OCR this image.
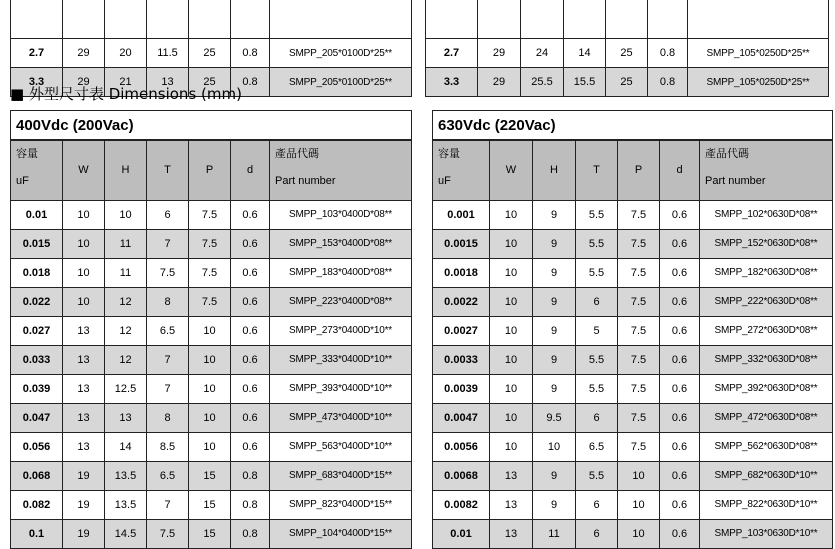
2.7	29	20	11.5	25	0.8	SMPP_205*0100D*25**
3.3	29	21	13	25	0.8	SMPP_205*0100D*25**

2.7	29	24	14	25	0.8	SMPP_105*0250D*25**
3.3	29	25.5	15.5	25	0.8	SMPP_105*0250D*25**
■ 外型尺寸表 Dimensions (mm)
400Vdc (200Vac)						
容量
uF	W	H	T	P	d	產品代碼
Part number
0.01	10	10	6	7.5	0.6	SMPP_103*0400D*08**
0.015	10	11	7	7.5	0.6	SMPP_153*0400D*08**
0.018	10	11	7.5	7.5	0.6	SMPP_183*0400D*08**
0.022	10	12	8	7.5	0.6	SMPP_223*0400D*08**
0.027	13	12	6.5	10	0.6	SMPP_273*0400D*10**
0.033	13	12	7	10	0.6	SMPP_333*0400D*10**
0.039	13	12.5	7	10	0.6	SMPP_393*0400D*10**
0.047	13	13	8	10	0.6	SMPP_473*0400D*10**
0.056	13	14	8.5	10	0.6	SMPP_563*0400D*10**
0.068	19	13.5	6.5	15	0.8	SMPP_683*0400D*15**
0.082	19	13.5	7	15	0.8	SMPP_823*0400D*15**
0.1	19	14.5	7.5	15	0.8	SMPP_104*0400D*15**
630Vdc (220Vac)						
容量
uF	W	H	T	P	d	產品代碼
Part number
0.001	10	9	5.5	7.5	0.6	SMPP_102*0630D*08**
0.0015	10	9	5.5	7.5	0.6	SMPP_152*0630D*08**
0.0018	10	9	5.5	7.5	0.6	SMPP_182*0630D*08**
0.0022	10	9	6	7.5	0.6	SMPP_222*0630D*08**
0.0027	10	9	5	7.5	0.6	SMPP_272*0630D*08**
0.0033	10	9	5.5	7.5	0.6	SMPP_332*0630D*08**
0.0039	10	9	5.5	7.5	0.6	SMPP_392*0630D*08**
0.0047	10	9.5	6	7.5	0.6	SMPP_472*0630D*08**
0.0056	10	10	6.5	7.5	0.6	SMPP_562*0630D*08**
0.0068	13	9	5.5	10	0.6	SMPP_682*0630D*10**
0.0082	13	9	6	10	0.6	SMPP_822*0630D*10**
0.01	13	11	6	10	0.6	SMPP_103*0630D*10**
